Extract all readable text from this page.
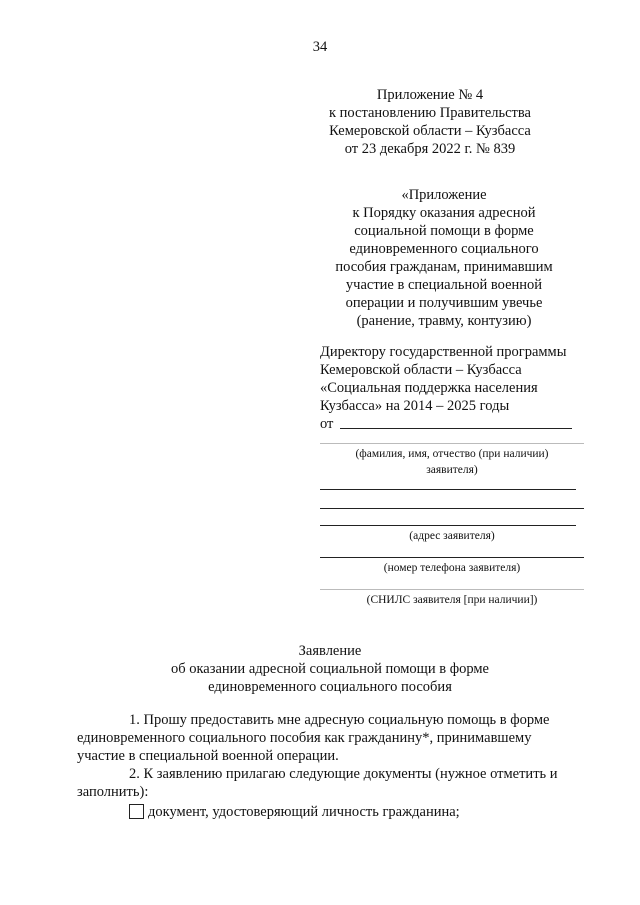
34
Приложение № 4
к постановлению Правительства
Кемеровской области – Кузбасса
от 23 декабря 2022 г. № 839
«Приложение
к Порядку оказания адресной
социальной помощи в форме
единовременного социального
пособия гражданам, принимавшим
участие в специальной военной
операции и получившим увечье
(ранение, травму, контузию)
Директору государственной программы
Кемеровской области – Кузбасса
«Социальная поддержка населения
Кузбасса» на 2014 – 2025 годы
от
(фамилия, имя, отчество (при наличии)
заявителя)
(адрес заявителя)
(номер телефона заявителя)
(СНИЛС заявителя [при наличии])
Заявление
об оказании адресной социальной помощи в форме
единовременного социального пособия
1. Прошу предоставить мне адресную социальную помощь в форме
единовременного социального пособия как гражданину*, принимавшему
участие в специальной военной операции.
2. К заявлению прилагаю следующие документы (нужное отметить и
заполнить):
документ, удостоверяющий личность гражданина;
